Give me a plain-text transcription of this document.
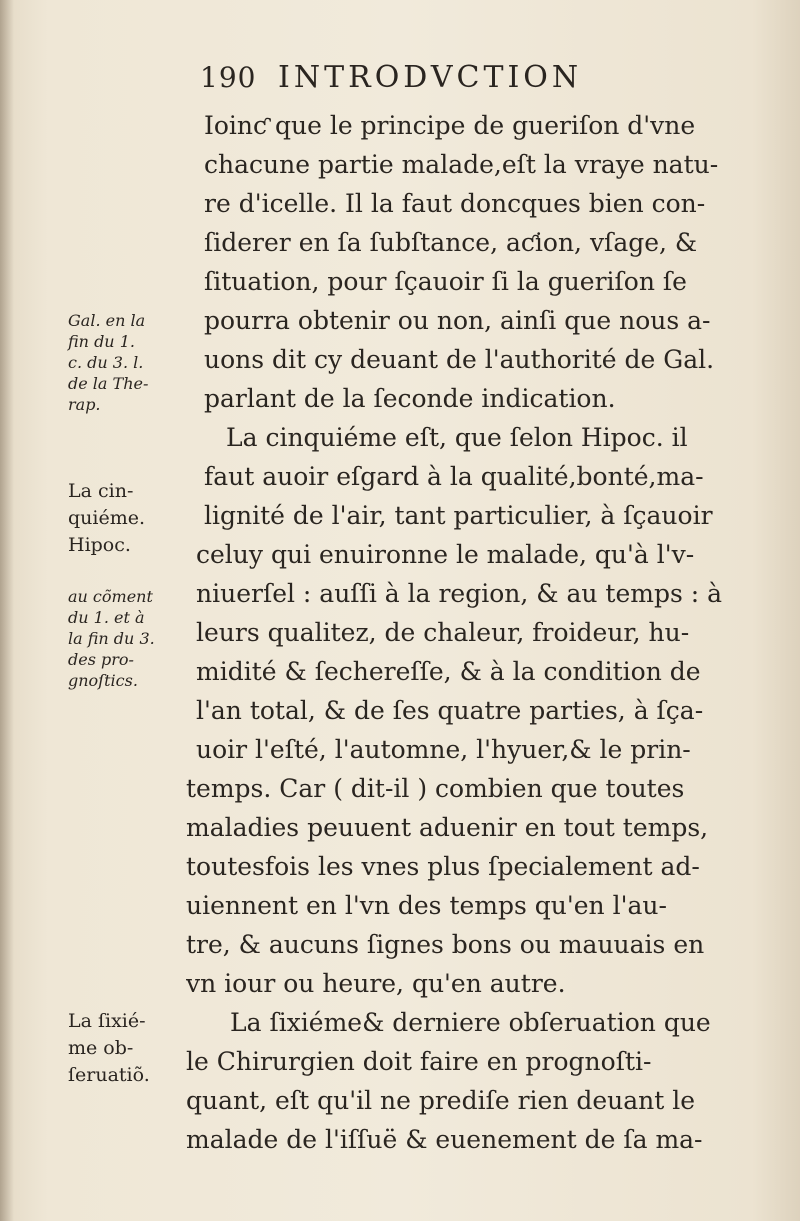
190 INTRODVCTION
Ioinƈ que le principe de gueriſon d'vne
chacune partie malade,eſt la vraye natu-
re d'icelle. Il la faut doncques bien con-
ſiderer en ſa ſubſtance, aƈion, vſage, &
ſituation, pour ſçauoir ſi la gueriſon ſe
pourra obtenir ou non, ainſi que nous a-
uons dit cy deuant de l'authorité de Gal.
parlant de la ſeconde indication.
La cinquiéme eſt, que ſelon Hipoc. il
faut auoir eſgard à la qualité,bonté,ma-
lignité de l'air, tant particulier, à ſçauoir
celuy qui enuironne le malade, qu'à l'v-
niuerſel : auſſi à la region, & au temps : à
leurs qualitez, de chaleur, froideur, hu-
midité & ſechereſſe, & à la condition de
l'an total, & de ſes quatre parties, à ſça-
uoir l'eſté, l'automne, l'hyuer,& le prin-
temps. Car ( dit-il ) combien que toutes
maladies peuuent aduenir en tout temps,
toutesfois les vnes plus ſpecialement ad-
uiennent en l'vn des temps qu'en l'au-
tre, & aucuns ſignes bons ou mauuais en
vn iour ou heure, qu'en autre.
La ſixiéme& derniere obſeruation que
le Chirurgien doit faire en prognoſti-
quant, eſt qu'il ne prediſe rien deuant le
malade de l'iſſuë & euenement de ſa ma-
Gal. en la
fin du 1.
c. du 3. l.
de la The-
rap.
La cin-
quiéme.
Hipoc.
au cõment
du 1. et à
la fin du 3.
des pro-
gnoſtics.
La ſixié-
me ob-
ſeruatiõ.
